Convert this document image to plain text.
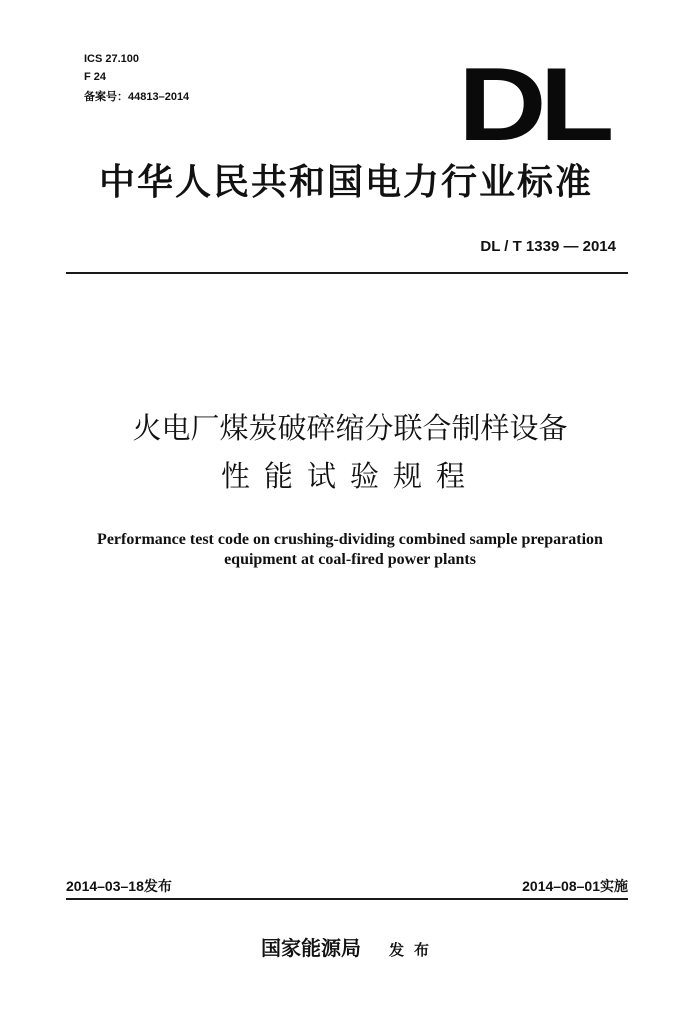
ICS 27.100
F 24
备案号：44813–2014	DL
中华人民共和国电力行业标准
DL / T 1339 — 2014
火电厂煤炭破碎缩分联合制样设备
性能试验规程
Performance test code on crushing-dividing combined sample preparation
equipment at coal-fired power plants
2014–03–18发布	2014–08–01实施
国家能源局 发布
